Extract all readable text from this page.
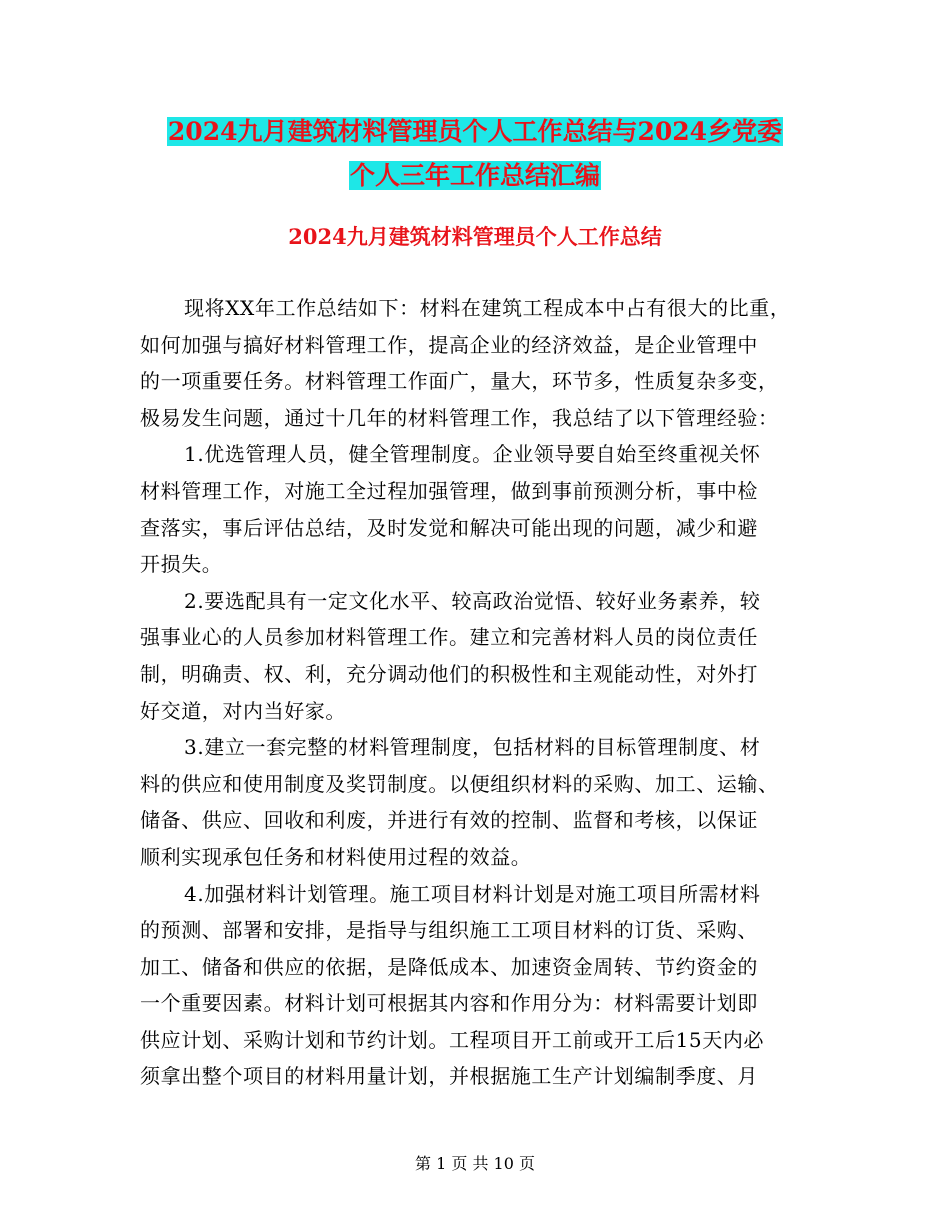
2024九月建筑材料管理员个人工作总结与2024乡党委
个人三年工作总结汇编
2024九月建筑材料管理员个人工作总结
现将XX年工作总结如下：材料在建筑工程成本中占有很大的比重，
如何加强与搞好材料管理工作，提高企业的经济效益，是企业管理中
的一项重要任务。材料管理工作面广，量大，环节多，性质复杂多变，
极易发生问题，通过十几年的材料管理工作，我总结了以下管理经验：
1.优选管理人员，健全管理制度。企业领导要自始至终重视关怀
材料管理工作，对施工全过程加强管理，做到事前预测分析，事中检
查落实，事后评估总结，及时发觉和解决可能出现的问题，减少和避
开损失。
2.要选配具有一定文化水平、较高政治觉悟、较好业务素养，较
强事业心的人员参加材料管理工作。建立和完善材料人员的岗位责任
制，明确责、权、利，充分调动他们的积极性和主观能动性，对外打
好交道，对内当好家。
3.建立一套完整的材料管理制度，包括材料的目标管理制度、材
料的供应和使用制度及奖罚制度。以便组织材料的采购、加工、运输、
储备、供应、回收和利废，并进行有效的控制、监督和考核，以保证
顺利实现承包任务和材料使用过程的效益。
4.加强材料计划管理。施工项目材料计划是对施工项目所需材料
的预测、部署和安排，是指导与组织施工工项目材料的订货、采购、
加工、储备和供应的依据，是降低成本、加速资金周转、节约资金的
一个重要因素。材料计划可根据其内容和作用分为：材料需要计划即
供应计划、采购计划和节约计划。工程项目开工前或开工后15天内必
须拿出整个项目的材料用量计划，并根据施工生产计划编制季度、月
第 1 页 共 10 页
